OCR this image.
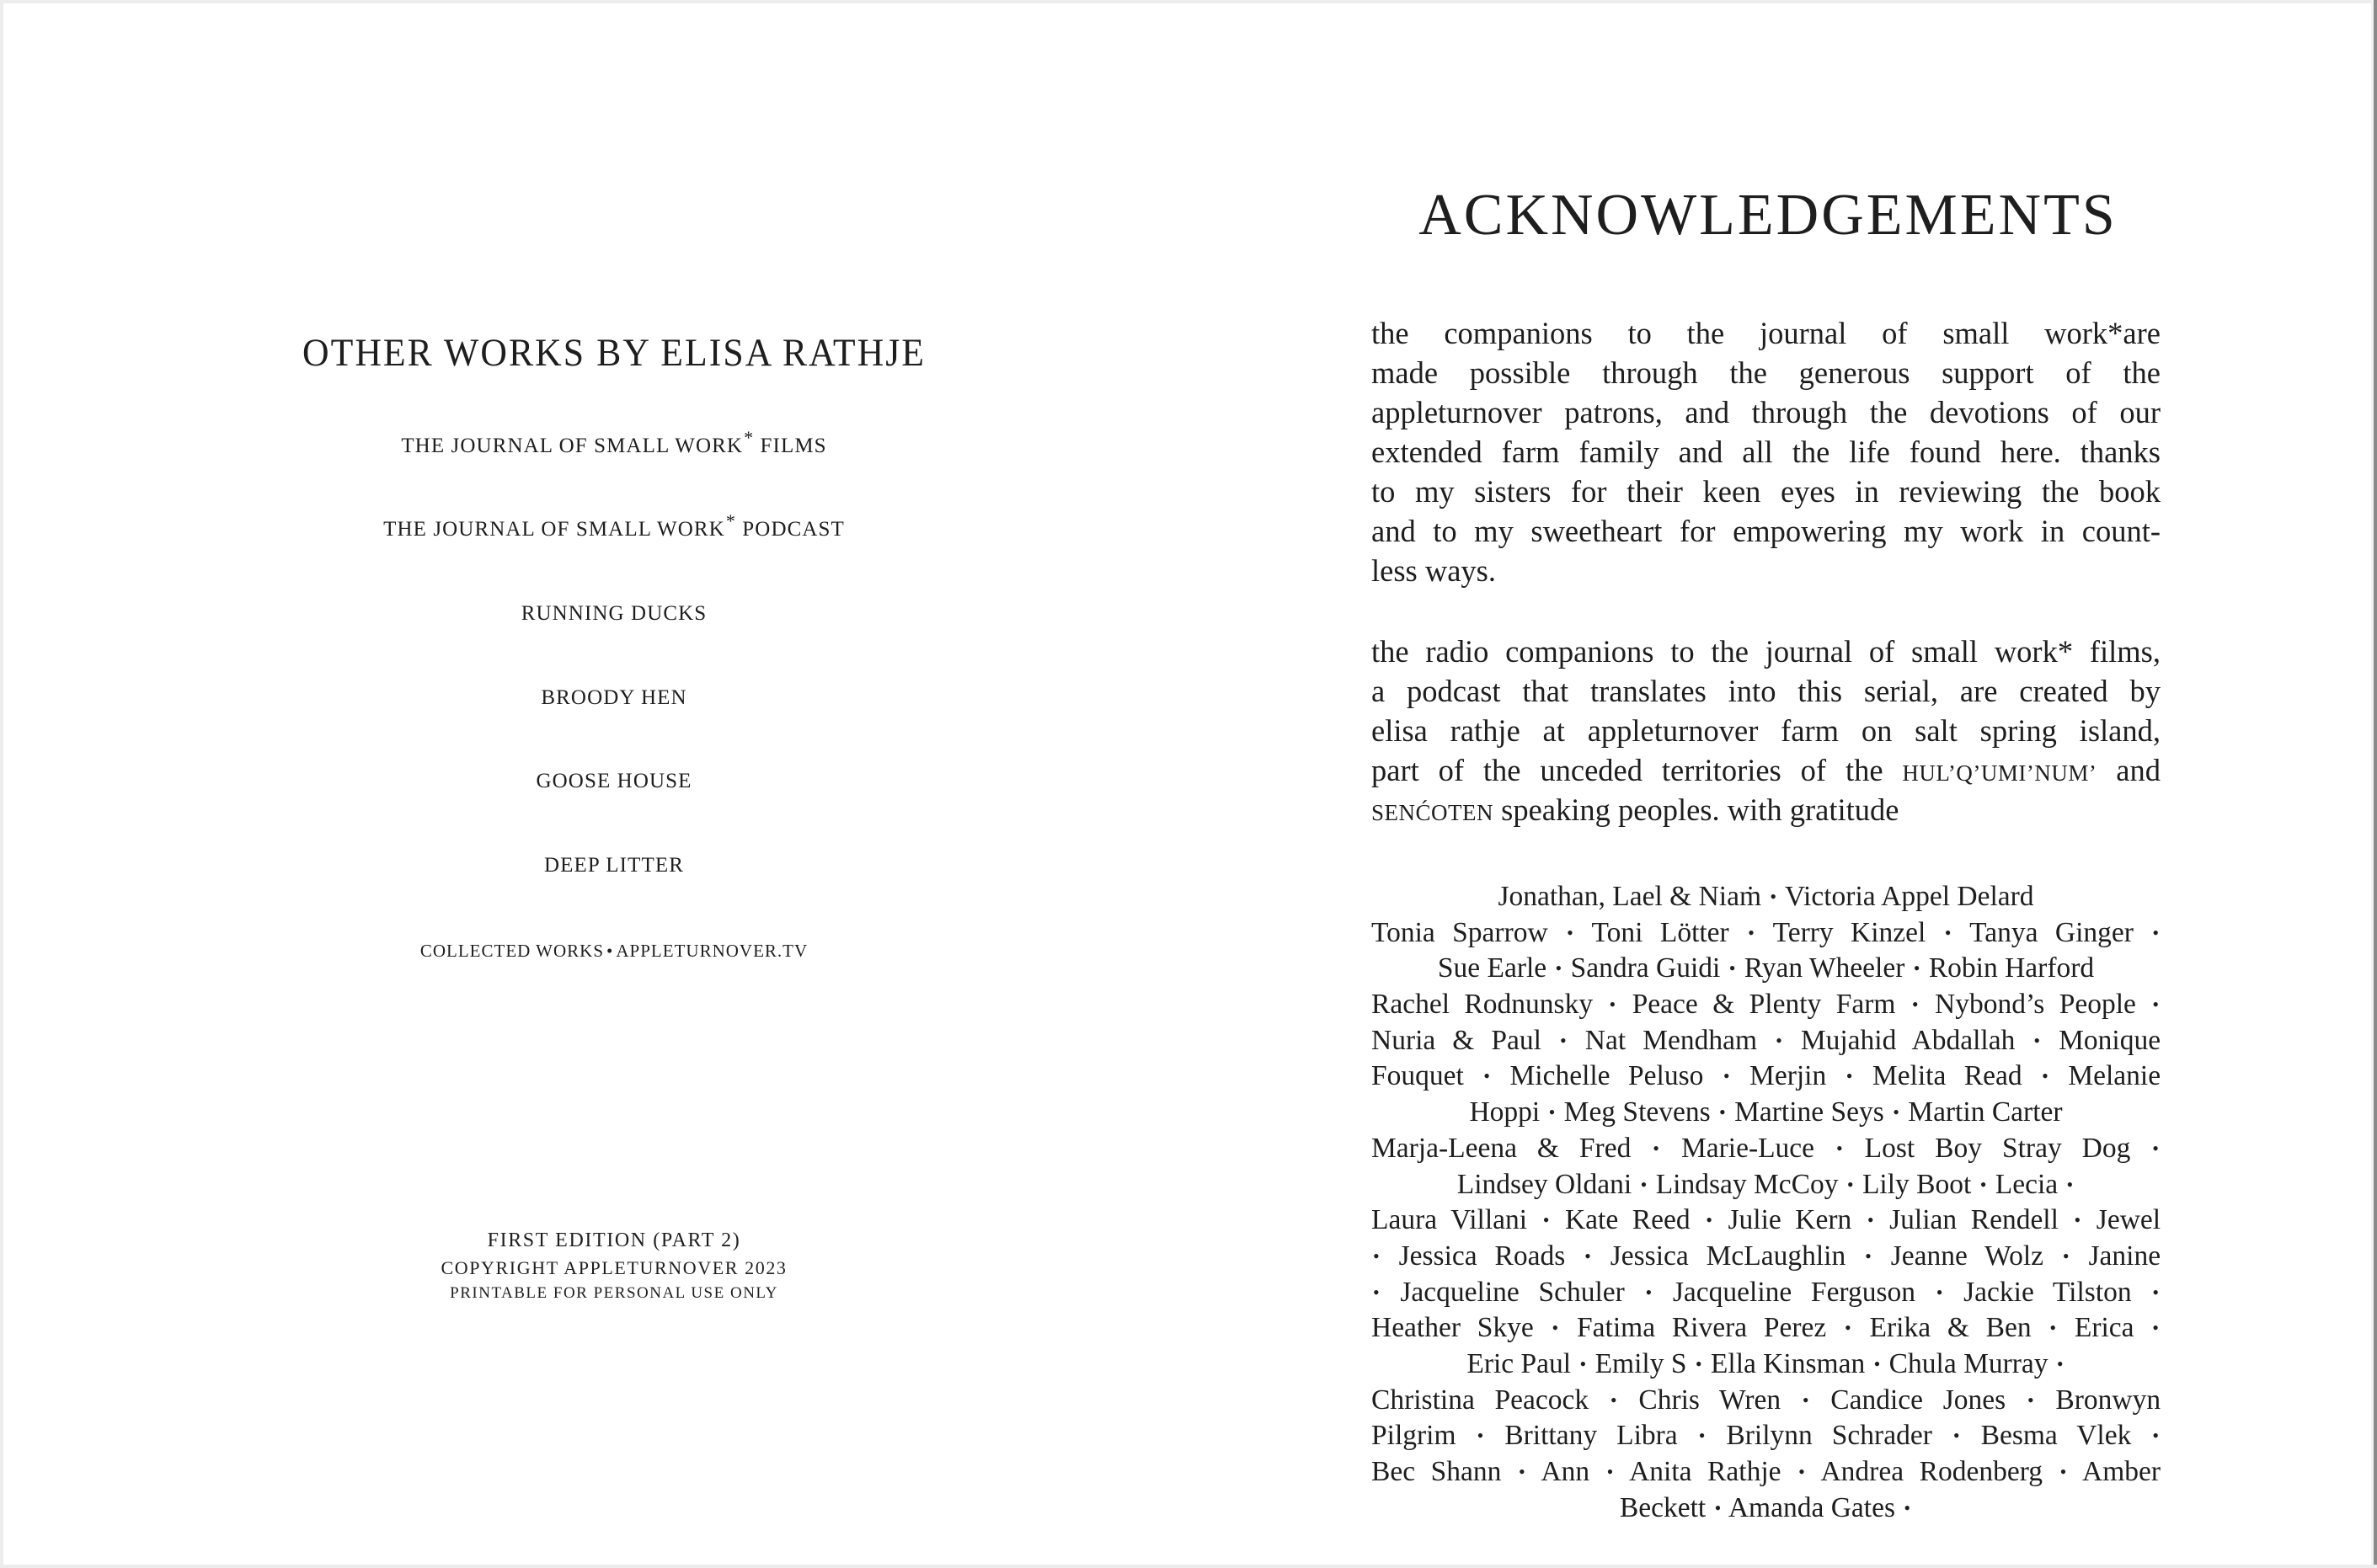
OTHER WORKS BY ELISA RATHJE
THE JOURNAL OF SMALL WORK* FILMS
THE JOURNAL OF SMALL WORK* PODCAST
RUNNING DUCKS
BROODY HEN
GOOSE HOUSE
DEEP LITTER
COLLECTED WORKS • APPLETURNOVER.TV
FIRST EDITION (PART 2)
COPYRIGHT APPLETURNOVER 2023
PRINTABLE FOR PERSONAL USE ONLY
ACKNOWLEDGEMENTS

the companions to the journal of small work*are
made possible through the generous support of the
appleturnover patrons, and through the devotions of our
extended farm family and all the life found here. thanks
to my sisters for their keen eyes in reviewing the book
and to my sweetheart for empowering my work in count-
less ways.

the radio companions to the journal of small work* films,
a podcast that translates into this serial, are created by
elisa rathje at appleturnover farm on salt spring island,
part of the unceded territories of the HUL’Q’UMI’NUM’ and
SENĆOTEN speaking peoples. with gratitude

Jonathan, Lael & Niaṁ • Victoria Appel Delard
Tonia Sparrow • Toni Lötter • Terry Kinzel • Tanya Ginger •
Sue Earle • Sandra Guidi • Ryan Wheeler • Robin Harford
Rachel Rodnunsky • Peace & Plenty Farm • Nybond’s People •
Nuria & Paul • Nat Mendham • Mujahid Abdallah • Monique
Fouquet • Michelle Peluso • Merjin • Melita Read • Melanie
Hoppi • Meg Stevens • Martine Seys • Martin Carter
Marja-Leena & Fred • Marie-Luce • Lost Boy Stray Dog •
Lindsey Oldani • Lindsay McCoy • Lily Boot • Lecia •
Laura Villani • Kate Reed • Julie Kern • Julian Rendell • Jewel
• Jessica Roads • Jessica McLaughlin • Jeanne Wolz • Janine
• Jacqueline Schuler • Jacqueline Ferguson • Jackie Tilston •
Heather Skye • Fatima Rivera Perez • Erika & Ben • Erica •
Eric Paul • Emily S • Ella Kinsman • Chula Murray •
Christina Peacock • Chris Wren • Candice Jones • Bronwyn
Pilgrim • Brittany Libra • Brilynn Schrader • Besma Vlek •
Bec Shann • Ann • Anita Rathje • Andrea Rodenberg • Amber
Beckett • Amanda Gates •
